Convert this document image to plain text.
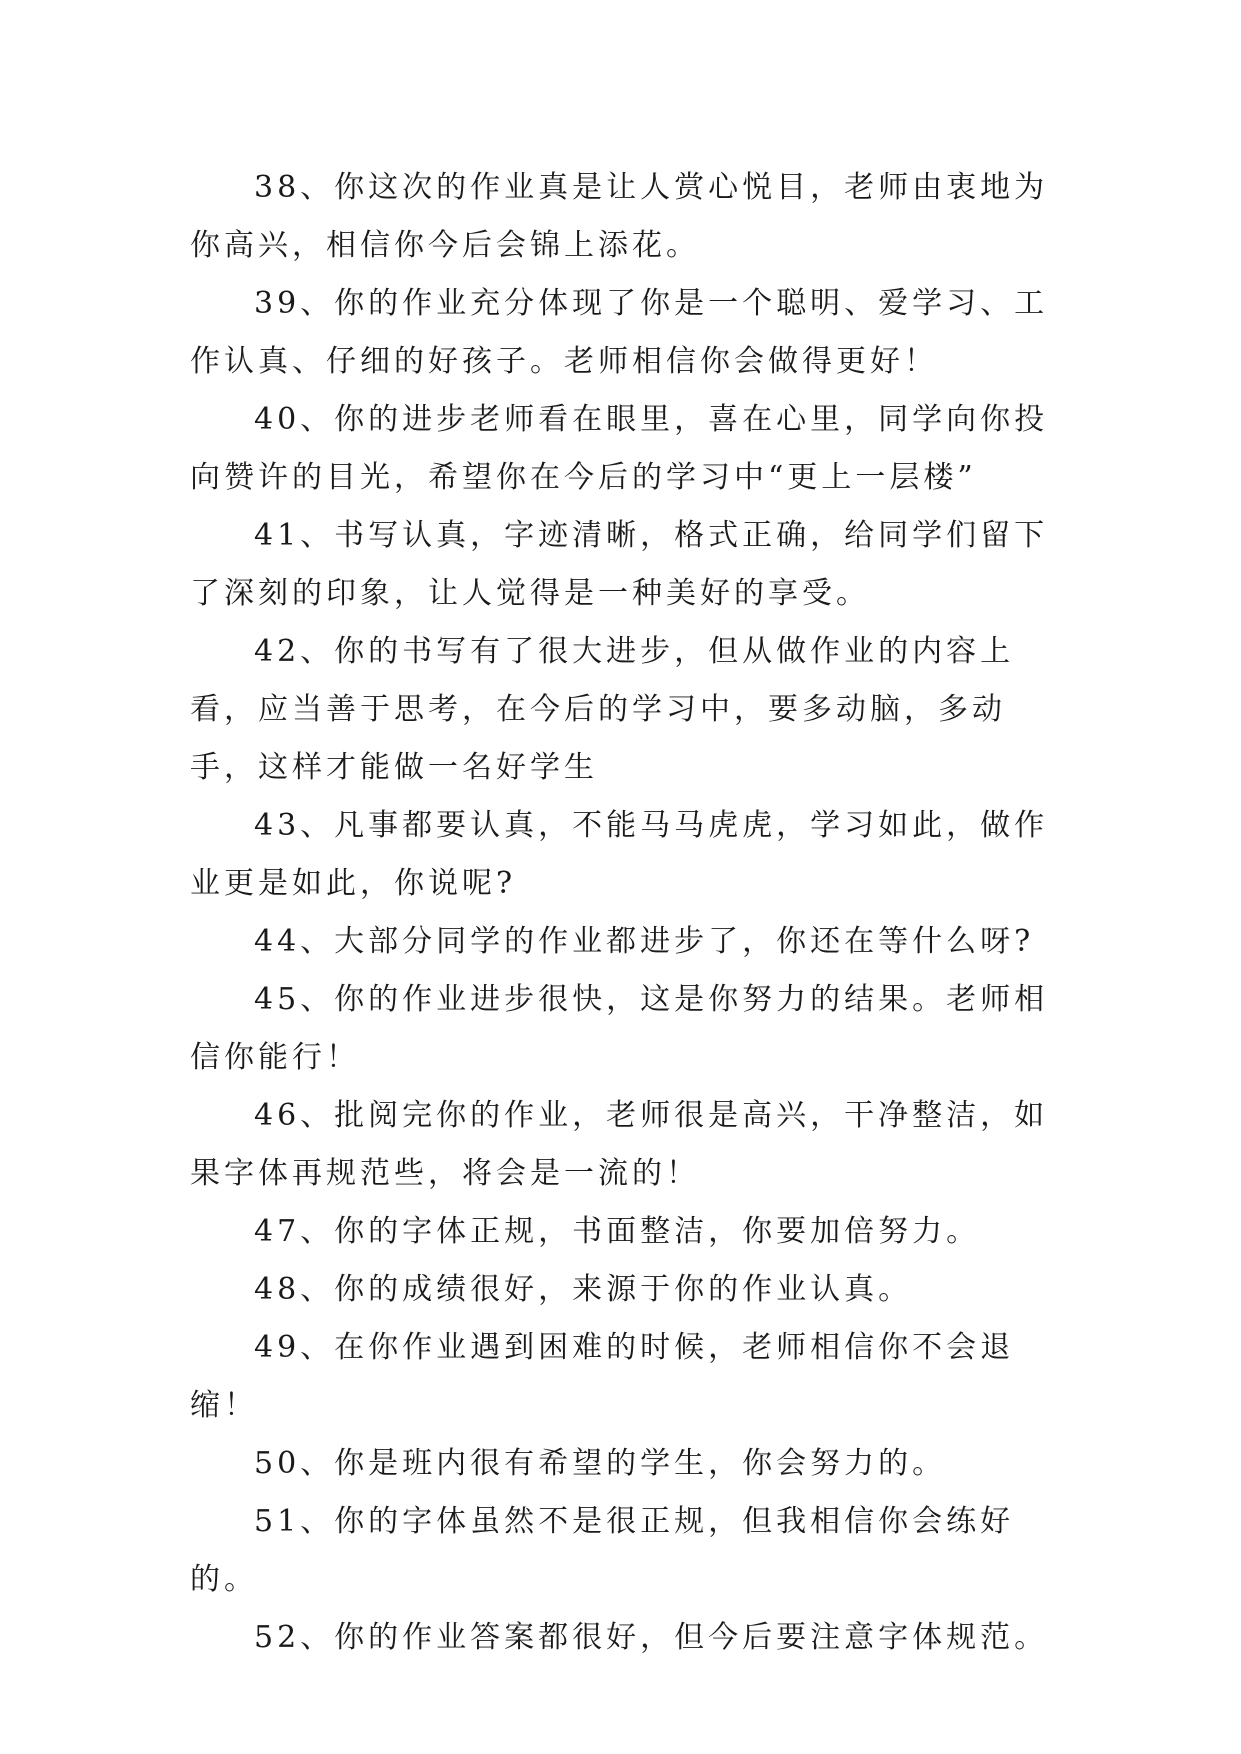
38、你这次的作业真是让人赏心悦目，老师由衷地为你高兴，相信你今后会锦上添花。

39、你的作业充分体现了你是一个聪明、爱学习、工作认真、仔细的好孩子。老师相信你会做得更好！

40、你的进步老师看在眼里，喜在心里，同学向你投向赞许的目光，希望你在今后的学习中“更上一层楼”

41、书写认真，字迹清晰，格式正确，给同学们留下了深刻的印象，让人觉得是一种美好的享受。

42、你的书写有了很大进步，但从做作业的内容上看，应当善于思考，在今后的学习中，要多动脑，多动手，这样才能做一名好学生

43、凡事都要认真，不能马马虎虎，学习如此，做作业更是如此，你说呢?

44、大部分同学的作业都进步了，你还在等什么呀?

45、你的作业进步很快，这是你努力的结果。老师相信你能行！

46、批阅完你的作业，老师很是高兴，干净整洁，如果字体再规范些，将会是一流的！

47、你的字体正规，书面整洁，你要加倍努力。

48、你的成绩很好，来源于你的作业认真。

49、在你作业遇到困难的时候，老师相信你不会退缩！

50、你是班内很有希望的学生，你会努力的。

51、你的字体虽然不是很正规，但我相信你会练好的。

52、你的作业答案都很好，但今后要注意字体规范。
